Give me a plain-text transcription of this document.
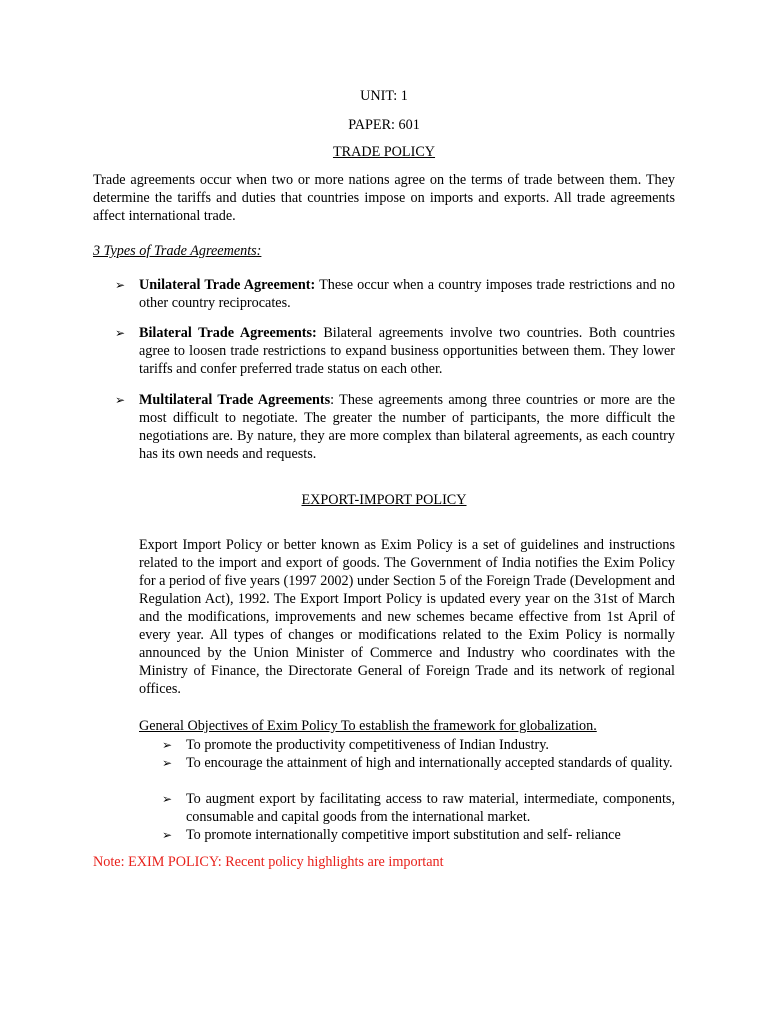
UNIT: 1
PAPER: 601
TRADE POLICY
Trade agreements occur when two or more nations agree on the terms of trade between them. They determine the tariffs and duties that countries impose on imports and exports. All trade agreements affect international trade.
3 Types of Trade Agreements:
➢ Unilateral Trade Agreement: These occur when a country imposes trade restrictions and no other country reciprocates.
➢ Bilateral Trade Agreements: Bilateral agreements involve two countries. Both countries agree to loosen trade restrictions to expand business opportunities between them. They lower tariffs and confer preferred trade status on each other.
➢ Multilateral Trade Agreements: These agreements among three countries or more are the most difficult to negotiate. The greater the number of participants, the more difficult the negotiations are. By nature, they are more complex than bilateral agreements, as each country has its own needs and requests.
EXPORT-IMPORT POLICY
Export Import Policy or better known as Exim Policy is a set of guidelines and instructions related to the import and export of goods. The Government of India notifies the Exim Policy for a period of five years (1997 2002) under Section 5 of the Foreign Trade (Development and Regulation Act), 1992. The Export Import Policy is updated every year on the 31st of March and the modifications, improvements and new schemes became effective from 1st April of every year. All types of changes or modifications related to the Exim Policy is normally announced by the Union Minister of Commerce and Industry who coordinates with the Ministry of Finance, the Directorate General of Foreign Trade and its network of regional offices.
General Objectives of Exim Policy To establish the framework for globalization.
➢ To promote the productivity competitiveness of Indian Industry.
➢ To encourage the attainment of high and internationally accepted standards of quality.
➢ To augment export by facilitating access to raw material, intermediate, components, consumable and capital goods from the international market.
➢ To promote internationally competitive import substitution and self- reliance
Note: EXIM POLICY: Recent policy highlights are important
